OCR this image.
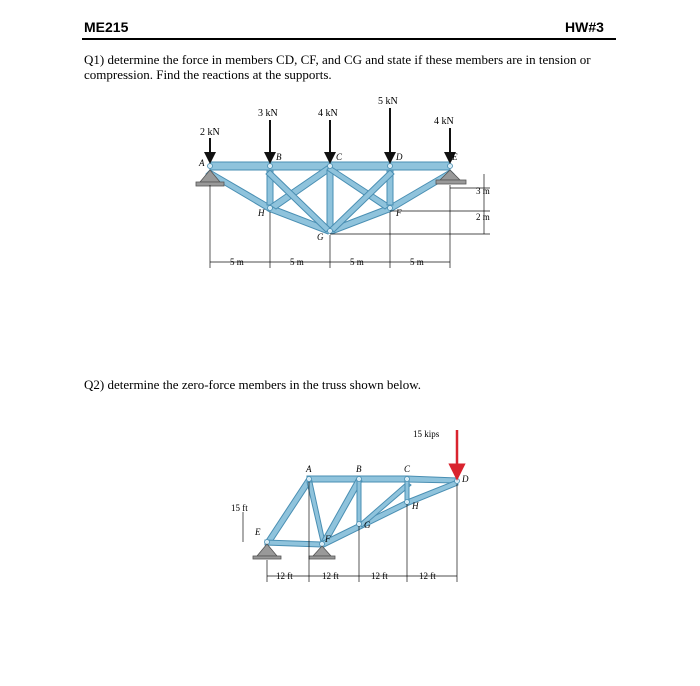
ME215	HW#3
Q1) determine the force in members CD, CF, and CG and state if these members are in tension or compression. Find the reactions at the supports.
2 kN
3 kN	4 kN
5 kN
4 kN
A
B	C	D	E
F
G
H
3 m
2 m
5 m	5 m	5 m	5 m
Q2) determine the zero-force members in the truss shown below.
15 kips
A	B	C
D
E
F
G
H
15 ft
12 ft	12 ft	12 ft	12 ft
